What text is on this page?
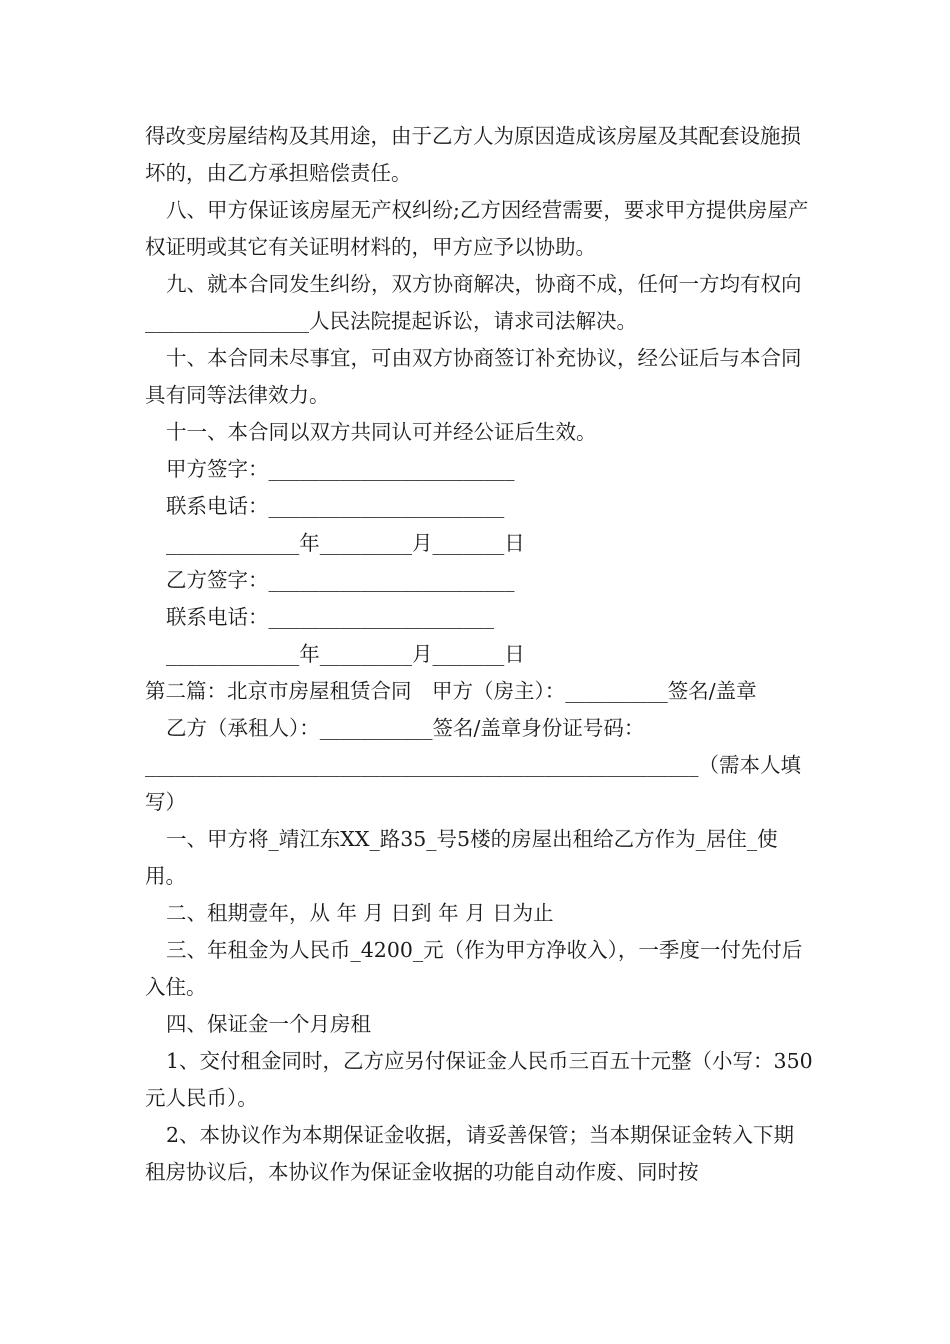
得改变房屋结构及其用途，由于乙方人为原因造成该房屋及其配套设施损坏的，由乙方承担赔偿责任。

八、甲方保证该房屋无产权纠纷;乙方因经营需要，要求甲方提供房屋产权证明或其它有关证明材料的，甲方应予以协助。

九、就本合同发生纠纷，双方协商解决，协商不成，任何一方均有权向________________人民法院提起诉讼，请求司法解决。

十、本合同未尽事宜，可由双方协商签订补充协议，经公证后与本合同具有同等法律效力。

十一、本合同以双方共同认可并经公证后生效。

甲方签字：________________________

联系电话：_______________________

_____________年_________月_______日

乙方签字：________________________

联系电话：______________________

_____________年_________月_______日

第二篇：北京市房屋租赁合同　甲方（房主）：__________签名/盖章

乙方（承租人）：___________签名/盖章身份证号码：______________________________________________________（需本人填写）

一、甲方将_靖江东XX_路35_号5楼的房屋出租给乙方作为_居住_使用。

二、租期壹年，从 年 月 日到 年 月 日为止

三、年租金为人民币_4200_元（作为甲方净收入），一季度一付先付后入住。

四、保证金一个月房租

1、交付租金同时，乙方应另付保证金人民币三百五十元整（小写：350元人民币）。

2、本协议作为本期保证金收据，请妥善保管；当本期保证金转入下期租房协议后，本协议作为保证金收据的功能自动作废、同时按
